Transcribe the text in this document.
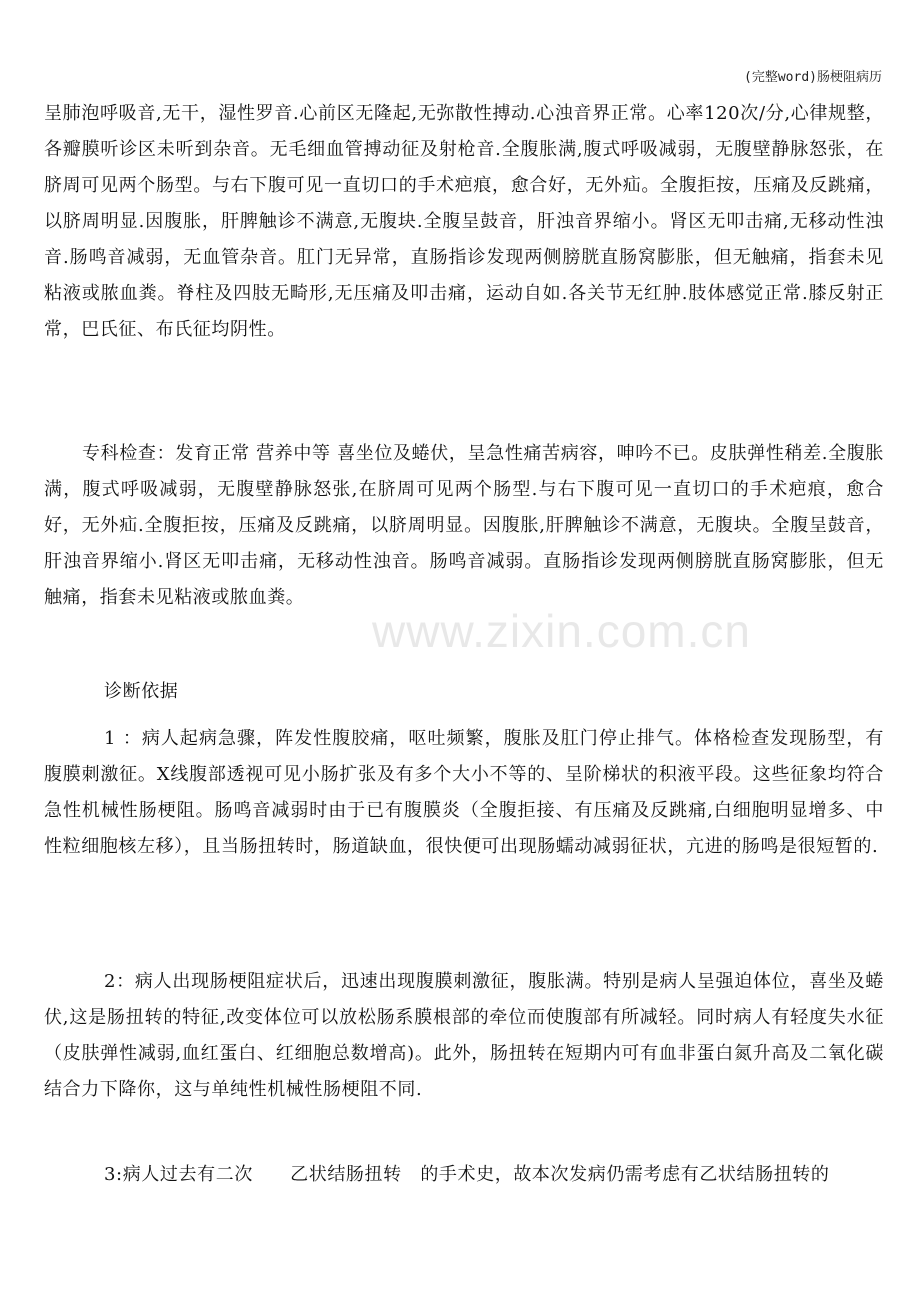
(完整word)肠梗阻病历
呈肺泡呼吸音,无干，湿性罗音.心前区无隆起,无弥散性搏动.心浊音界正常。心率120次/分,心律规整，各瓣膜听诊区未听到杂音。无毛细血管搏动征及射枪音.全腹胀满,腹式呼吸减弱，无腹壁静脉怒张，在脐周可见两个肠型。与右下腹可见一直切口的手术疤痕，愈合好，无外疝。全腹拒按，压痛及反跳痛，以脐周明显.因腹胀，肝脾触诊不满意,无腹块.全腹呈鼓音，肝浊音界缩小。肾区无叩击痛,无移动性浊音.肠鸣音减弱，无血管杂音。肛门无异常，直肠指诊发现两侧膀胱直肠窝膨胀，但无触痛，指套未见粘液或脓血粪。脊柱及四肢无畸形,无压痛及叩击痛，运动自如.各关节无红肿.肢体感觉正常.膝反射正常，巴氏征、布氏征均阴性。
专科检查：发育正常 营养中等 喜坐位及蜷伏，呈急性痛苦病容，呻吟不已。皮肤弹性稍差.全腹胀满，腹式呼吸减弱，无腹壁静脉怒张,在脐周可见两个肠型.与右下腹可见一直切口的手术疤痕，愈合好，无外疝.全腹拒按，压痛及反跳痛，以脐周明显。因腹胀,肝脾触诊不满意，无腹块。全腹呈鼓音，肝浊音界缩小.肾区无叩击痛，无移动性浊音。肠鸣音减弱。直肠指诊发现两侧膀胱直肠窝膨胀，但无触痛，指套未见粘液或脓血粪。
诊断依据
1 ：病人起病急骤，阵发性腹胶痛，呕吐频繁，腹胀及肛门停止排气。体格检查发现肠型，有腹膜刺激征。X线腹部透视可见小肠扩张及有多个大小不等的、呈阶梯状的积液平段。这些征象均符合急性机械性肠梗阻。肠鸣音减弱时由于已有腹膜炎（全腹拒接、有压痛及反跳痛,白细胞明显增多、中性粒细胞核左移），且当肠扭转时，肠道缺血，很快便可出现肠蠕动减弱征状，亢进的肠鸣是很短暂的.
2：病人出现肠梗阻症状后，迅速出现腹膜刺激征，腹胀满。特别是病人呈强迫体位，喜坐及蜷伏,这是肠扭转的特征,改变体位可以放松肠系膜根部的牵位而使腹部有所减轻。同时病人有轻度失水征（皮肤弹性减弱,血红蛋白、红细胞总数增高)。此外，肠扭转在短期内可有血非蛋白氮升高及二氧化碳结合力下降你，这与单纯性机械性肠梗阻不同.
3:病人过去有二次　　乙状结肠扭转　的手术史，故本次发病仍需考虑有乙状结肠扭转的
www.zixin.com.cn
